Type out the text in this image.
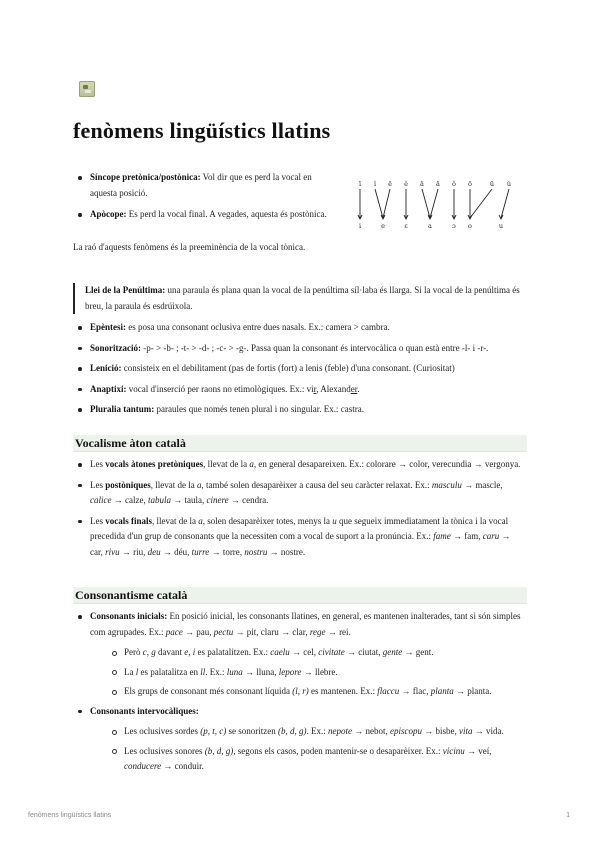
fenòmens lingüístics llatins
Síncope pretònica/postònica: Vol dir que es perd la vocal en aquesta posició.
Apòcope: Es perd la vocal final. A vegades, aquesta és postònica.
La raó d'aquests fenòmens és la preeminència de la vocal tònica.
ī ĭ ē ĕ ā ă ŏ ō	ū ŭ
i	e	ɛ	a	ɔ o	u
Llei de la Penúltima: una paraula és plana quan la vocal de la penúltima síl·laba és llarga. Si la vocal de la penúltima és breu, la paraula és esdrúixola.
Epèntesi: es posa una consonant oclusiva entre dues nasals. Ex.: camera > cambra.
Sonorització: -p- > -b- ; -t- > -d- ; -c- > -g-. Passa quan la consonant és intervocàlica o quan està entre -l- i -r-.
Lenició: consisteix en el debilitament (pas de fortis (fort) a lenis (feble) d'una consonant. (Curiositat)
Anaptixi: vocal d'inserció per raons no etimològiques. Ex.: vir, Alexander.
Pluralia tantum: paraules que només tenen plural i no singular. Ex.: castra.
Vocalisme àton català
Les vocals àtones pretòniques, llevat de la a, en general desapareixen. Ex.: colorare → color, verecundia → vergonya.
Les postòniques, llevat de la a, també solen desaparèixer a causa del seu caràcter relaxat. Ex.: masculu → mascle, calice → calze, tabula → taula, cinere → cendra.
Les vocals finals, llevat de la a, solen desaparèixer totes, menys la u que segueix immediatament la tònica i la vocal precedida d'un grup de consonants que la necessiten com a vocal de suport a la pronúncia. Ex.: fame → fam, caru → car, rivu → riu, deu → déu, turre → torre, nostru → nostre.
Consonantisme català
Consonants inicials: En posició inicial, les consonants llatines, en general, es mantenen inalterades, tant si són simples com agrupades. Ex.: pace → pau, pectu → pit, claru → clar, rege → rei.
Però c, g davant e, i es palatalitzen. Ex.: caelu → cel, civitate → ciutat, gente → gent.
La l es palatalitza en ll. Ex.: luna → lluna, lepore → llebre.
Els grups de consonant més consonant líquida (l, r) es mantenen. Ex.: flaccu → flac, planta → planta.
Consonants intervocàliques:
Les oclusives sordes (p, t, c) se sonoritzen (b, d, g). Ex.: nepote → nebot, episcopu → bisbe, vita → vida.
Les oclusives sonores (b, d, g), segons els casos, poden mantenir-se o desaparèixer. Ex.: vicinu → veí, conducere → conduir.
fenòmens lingüístics llatins	1
